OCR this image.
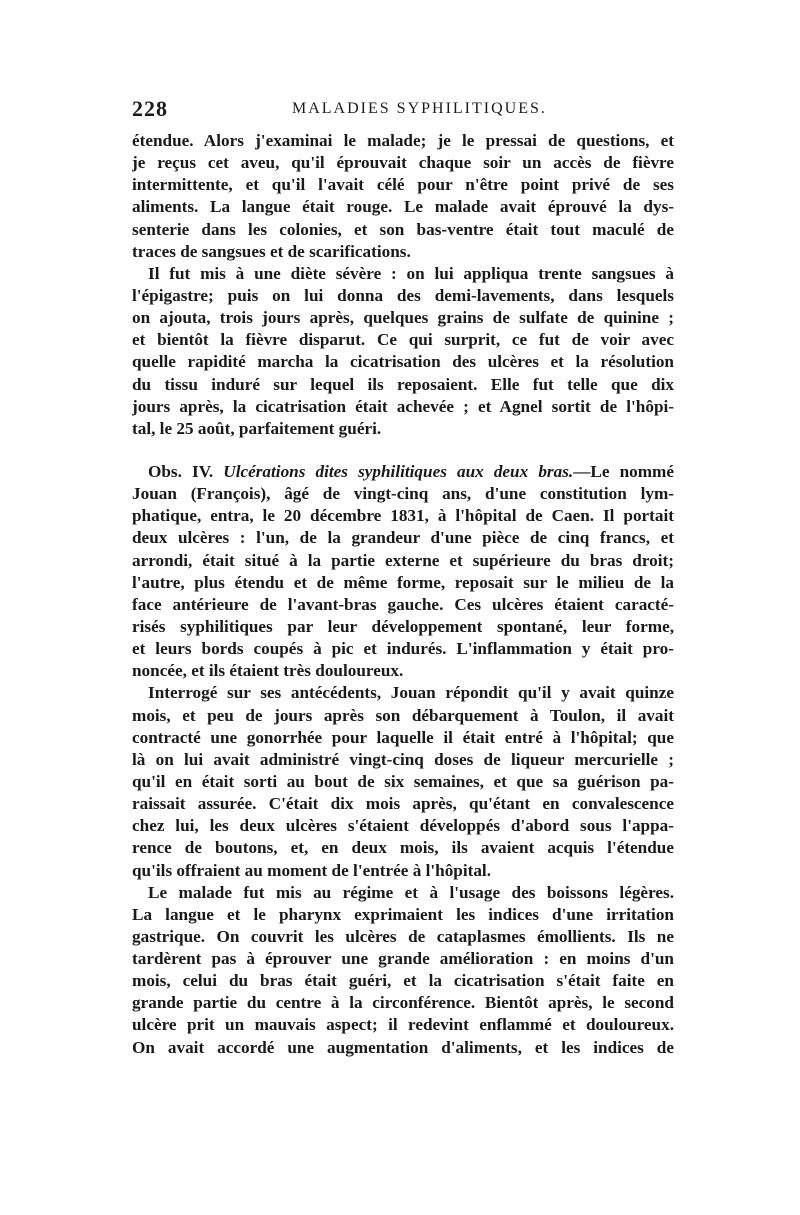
228	MALADIES SYPHILITIQUES.
étendue. Alors j'examinai le malade; je le pressai de questions, et
je reçus cet aveu, qu'il éprouvait chaque soir un accès de fièvre
intermittente, et qu'il l'avait célé pour n'être point privé de ses
aliments. La langue était rouge. Le malade avait éprouvé la dys-
senterie dans les colonies, et son bas-ventre était tout maculé de
traces de sangsues et de scarifications.
Il fut mis à une diète sévère : on lui appliqua trente sangsues à
l'épigastre; puis on lui donna des demi-lavements, dans lesquels
on ajouta, trois jours après, quelques grains de sulfate de quinine ;
et bientôt la fièvre disparut. Ce qui surprit, ce fut de voir avec
quelle rapidité marcha la cicatrisation des ulcères et la résolution
du tissu induré sur lequel ils reposaient. Elle fut telle que dix
jours après, la cicatrisation était achevée ; et Agnel sortit de l'hôpi-
tal, le 25 août, parfaitement guéri.
Obs. IV. Ulcérations dites syphilitiques aux deux bras.—Le nommé
Jouan (François), âgé de vingt-cinq ans, d'une constitution lym-
phatique, entra, le 20 décembre 1831, à l'hôpital de Caen. Il portait
deux ulcères : l'un, de la grandeur d'une pièce de cinq francs, et
arrondi, était situé à la partie externe et supérieure du bras droit;
l'autre, plus étendu et de même forme, reposait sur le milieu de la
face antérieure de l'avant-bras gauche. Ces ulcères étaient caracté-
risés syphilitiques par leur développement spontané, leur forme,
et leurs bords coupés à pic et indurés. L'inflammation y était pro-
noncée, et ils étaient très douloureux.
Interrogé sur ses antécédents, Jouan répondit qu'il y avait quinze
mois, et peu de jours après son débarquement à Toulon, il avait
contracté une gonorrhée pour laquelle il était entré à l'hôpital; que
là on lui avait administré vingt-cinq doses de liqueur mercurielle ;
qu'il en était sorti au bout de six semaines, et que sa guérison pa-
raissait assurée. C'était dix mois après, qu'étant en convalescence
chez lui, les deux ulcères s'étaient développés d'abord sous l'appa-
rence de boutons, et, en deux mois, ils avaient acquis l'étendue
qu'ils offraient au moment de l'entrée à l'hôpital.
Le malade fut mis au régime et à l'usage des boissons légères.
La langue et le pharynx exprimaient les indices d'une irritation
gastrique. On couvrit les ulcères de cataplasmes émollients. Ils ne
tardèrent pas à éprouver une grande amélioration : en moins d'un
mois, celui du bras était guéri, et la cicatrisation s'était faite en
grande partie du centre à la circonférence. Bientôt après, le second
ulcère prit un mauvais aspect; il redevint enflammé et douloureux.
On avait accordé une augmentation d'aliments, et les indices de
